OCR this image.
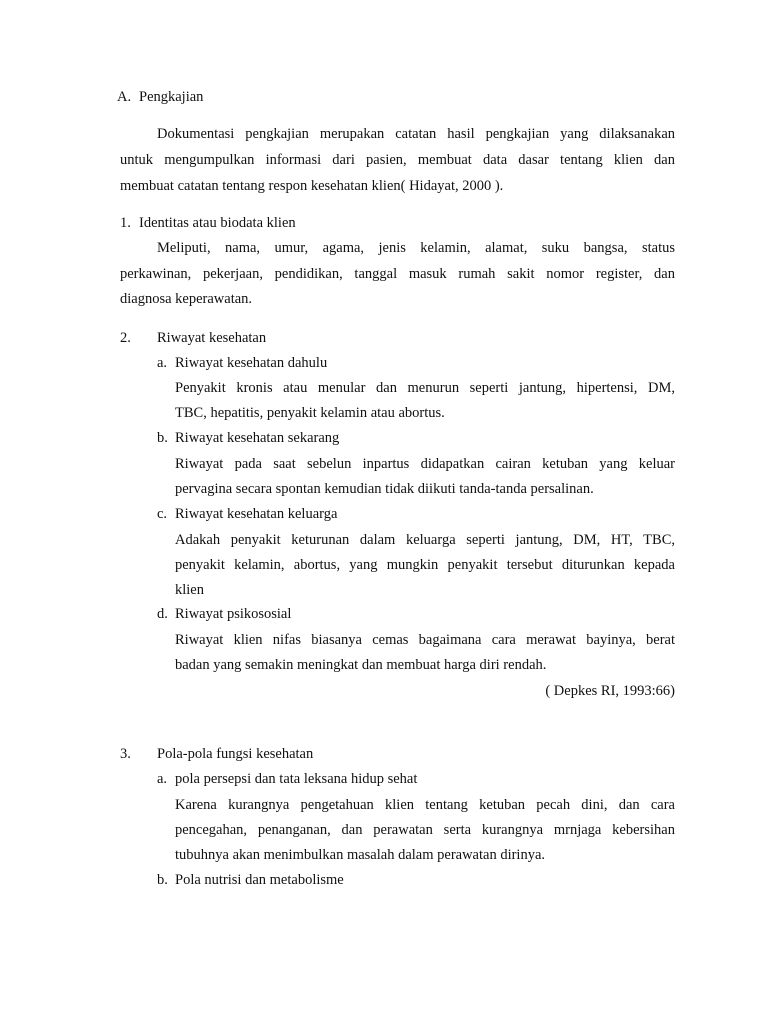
A. Pengkajian
Dokumentasi pengkajian merupakan catatan hasil pengkajian yang dilaksanakan
untuk mengumpulkan informasi dari pasien, membuat data dasar tentang klien dan
membuat catatan tentang respon kesehatan klien( Hidayat, 2000 ).
1. Identitas atau biodata klien
Meliputi, nama, umur, agama, jenis kelamin, alamat, suku bangsa, status
perkawinan, pekerjaan, pendidikan, tanggal masuk rumah sakit nomor register, dan
diagnosa keperawatan.
2. Riwayat kesehatan
a. Riwayat kesehatan dahulu
Penyakit kronis atau menular dan menurun seperti jantung, hipertensi, DM,
TBC, hepatitis, penyakit kelamin atau abortus.
b. Riwayat kesehatan sekarang
Riwayat pada saat sebelun inpartus didapatkan cairan ketuban yang keluar
pervagina secara spontan kemudian tidak diikuti tanda-tanda persalinan.
c. Riwayat kesehatan keluarga
Adakah penyakit keturunan dalam keluarga seperti jantung, DM, HT, TBC,
penyakit kelamin, abortus, yang mungkin penyakit tersebut diturunkan kepada
klien
d. Riwayat psikososial
Riwayat klien nifas biasanya cemas bagaimana cara merawat bayinya, berat
badan yang semakin meningkat dan membuat harga diri rendah.
( Depkes RI, 1993:66)
3. Pola-pola fungsi kesehatan
a. pola persepsi dan tata leksana hidup sehat
Karena kurangnya pengetahuan klien tentang ketuban pecah dini, dan cara
pencegahan, penanganan, dan perawatan serta kurangnya mrnjaga kebersihan
tubuhnya akan menimbulkan masalah dalam perawatan dirinya.
b. Pola nutrisi dan metabolisme
